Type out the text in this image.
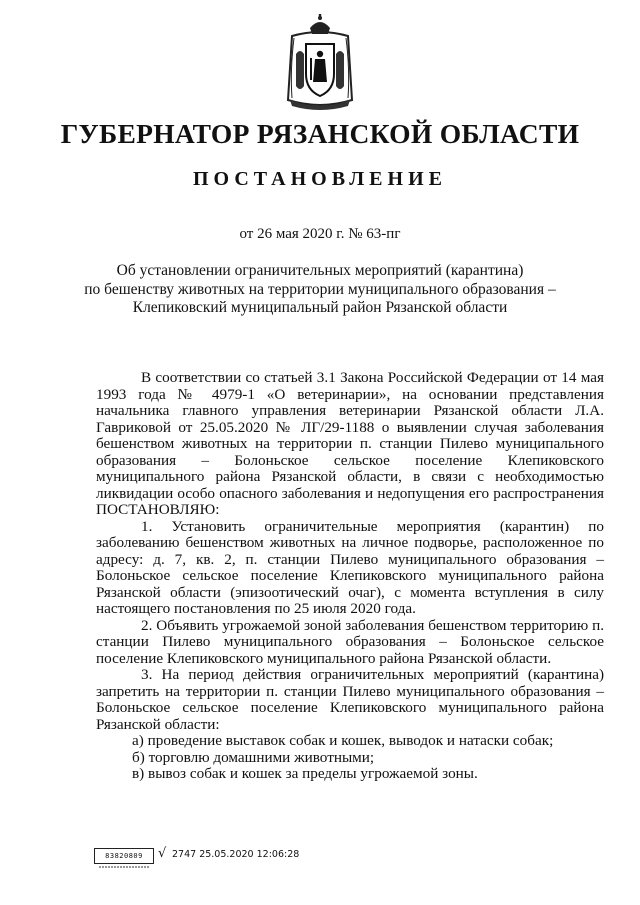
ГУБЕРНАТОР РЯЗАНСКОЙ ОБЛАСТИ
ПОСТАНОВЛЕНИЕ
от 26 мая 2020 г. № 63-пг
Об установлении ограничительных мероприятий (карантина)
по бешенству животных на территории муниципального образования –
Клепиковский муниципальный район Рязанской области

В соответствии со статьей 3.1 Закона Российской Федерации от 14 мая 1993 года № 4979-1 «О ветеринарии», на основании представления начальника главного управления ветеринарии Рязанской области Л.А. Гавриковой от 25.05.2020 № ЛГ/29-1188 о выявлении случая заболевания бешенством животных на территории п. станции Пилево муниципального образования – Болоньское сельское поселение Клепиковского муниципального района Рязанской области, в связи с необходимостью ликвидации особо опасного заболевания и недопущения его распространения ПОСТАНОВЛЯЮ:

1. Установить ограничительные мероприятия (карантин) по заболеванию бешенством животных на личное подворье, расположенное по адресу: д. 7, кв. 2, п. станции Пилево муниципального образования – Болоньское сельское поселение Клепиковского муниципального района Рязанской области (эпизоотический очаг), с момента вступления в силу настоящего постановления по 25 июля 2020 года.

2. Объявить угрожаемой зоной заболевания бешенством территорию п. станции Пилево муниципального образования – Болоньское сельское поселение Клепиковского муниципального района Рязанской области.

3. На период действия ограничительных мероприятий (карантина) запретить на территории п. станции Пилево муниципального образования – Болоньское сельское поселение Клепиковского муниципального района Рязанской области:

а) проведение выставок собак и кошек, выводок и натаски собак;

б) торговлю домашними животными;

в) вывоз собак и кошек за пределы угрожаемой зоны.

83820809 √ 2747 25.05.2020 12:06:28
